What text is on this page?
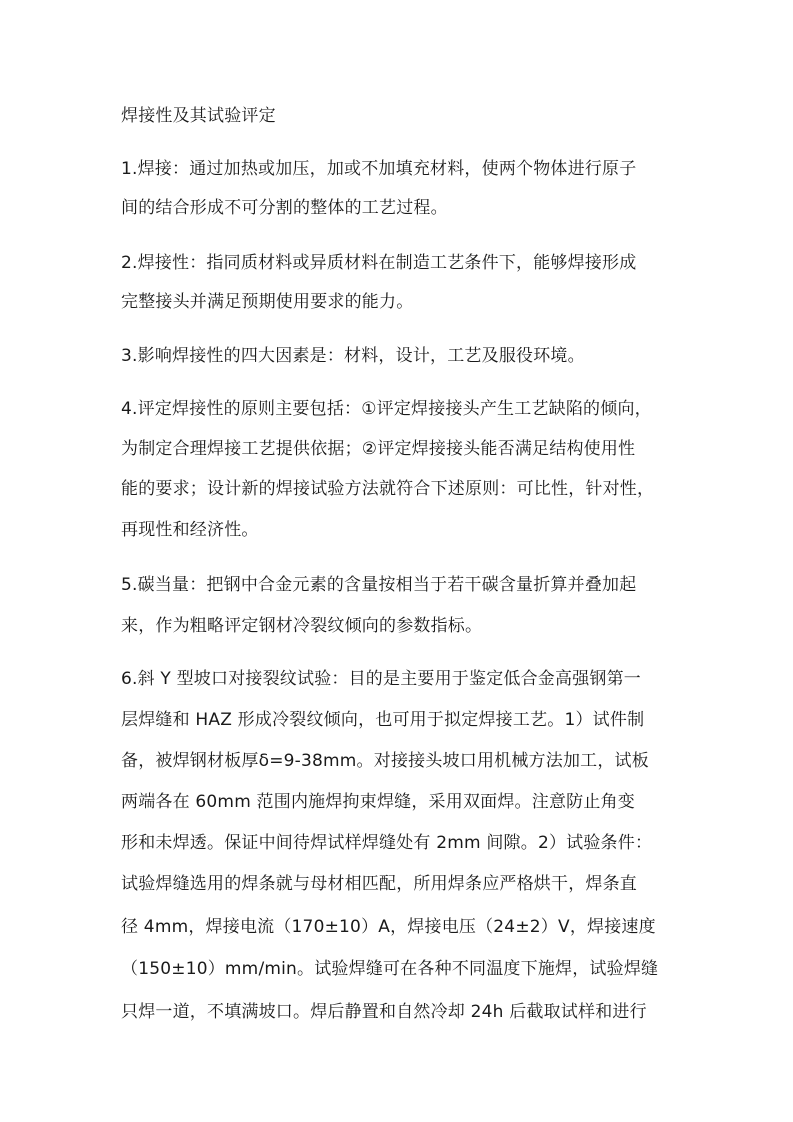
焊接性及其试验评定
1.焊接：通过加热或加压，加或不加填充材料，使两个物体进行原子
间的结合形成不可分割的整体的工艺过程。
2.焊接性：指同质材料或异质材料在制造工艺条件下，能够焊接形成
完整接头并满足预期使用要求的能力。
3.影响焊接性的四大因素是：材料，设计，工艺及服役环境。
4.评定焊接性的原则主要包括：①评定焊接接头产生工艺缺陷的倾向，
为制定合理焊接工艺提供依据；②评定焊接接头能否满足结构使用性
能的要求；设计新的焊接试验方法就符合下述原则：可比性，针对性，
再现性和经济性。
5.碳当量：把钢中合金元素的含量按相当于若干碳含量折算并叠加起
来，作为粗略评定钢材冷裂纹倾向的参数指标。
6.斜 Y 型坡口对接裂纹试验：目的是主要用于鉴定低合金高强钢第一
层焊缝和 HAZ 形成冷裂纹倾向，也可用于拟定焊接工艺。1）试件制
备，被焊钢材板厚δ=9-38mm。对接接头坡口用机械方法加工，试板
两端各在 60mm 范围内施焊拘束焊缝，采用双面焊。注意防止角变
形和未焊透。保证中间待焊试样焊缝处有 2mm 间隙。2）试验条件：
试验焊缝选用的焊条就与母材相匹配，所用焊条应严格烘干，焊条直
径 4mm，焊接电流（170±10）A，焊接电压（24±2）V，焊接速度
（150±10）mm/min。试验焊缝可在各种不同温度下施焊，试验焊缝
只焊一道，不填满坡口。焊后静置和自然冷却 24h 后截取试样和进行
